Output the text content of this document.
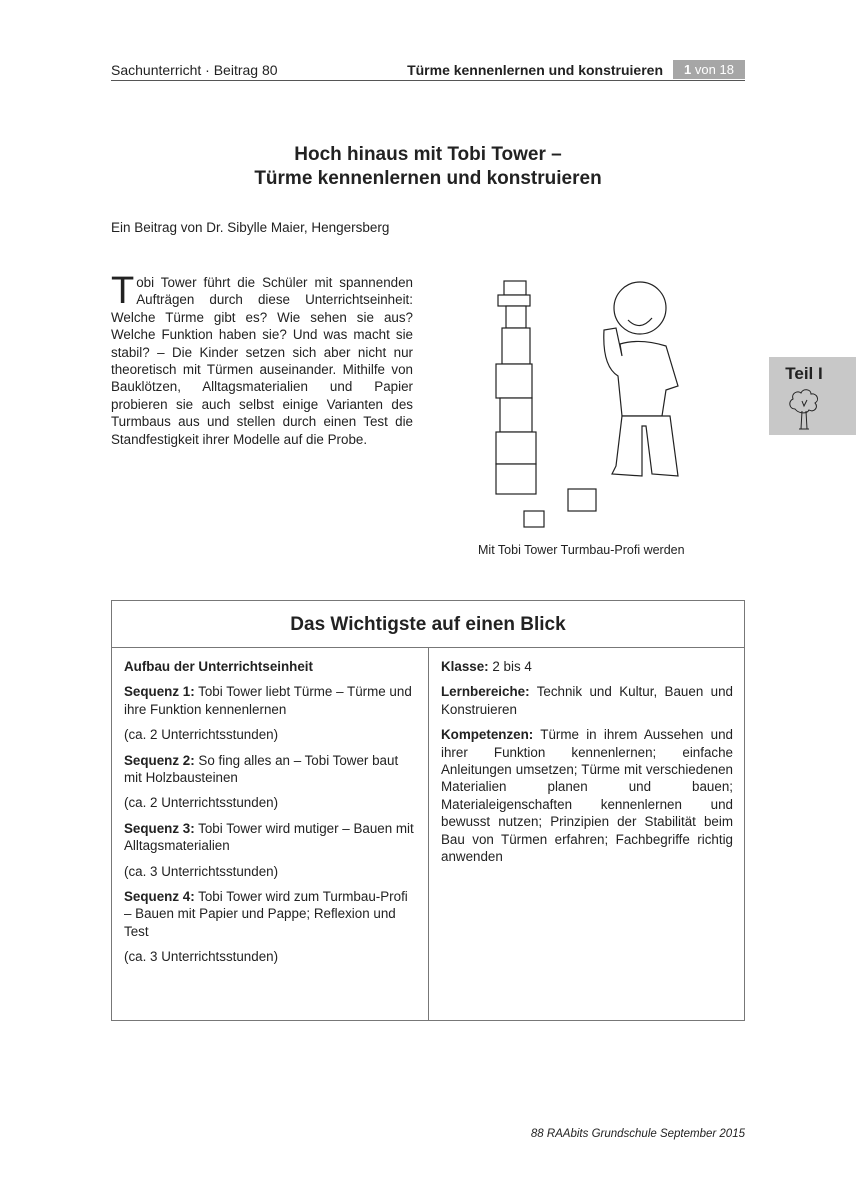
Sachunterricht · Beitrag 80	Türme kennenlernen und konstruieren	1 von 18
Hoch hinaus mit Tobi Tower –
Türme kennenlernen und konstruieren
Ein Beitrag von Dr. Sibylle Maier, Hengersberg
Tobi Tower führt die Schüler mit spannenden Aufträgen durch diese Unterrichtseinheit: Welche Türme gibt es? Wie sehen sie aus? Welche Funktion haben sie? Und was macht sie stabil? – Die Kinder setzen sich aber nicht nur theoretisch mit Türmen auseinander. Mithilfe von Bauklötzen, Alltagsmaterialien und Papier probieren sie auch selbst einige Varianten des Turmbaus aus und stellen durch einen Test die Standfestigkeit ihrer Modelle auf die Probe.
Teil I
Mit Tobi Tower Turmbau-Profi werden
Das Wichtigste auf einen Blick

Aufbau der Unterrichtseinheit

Sequenz 1: Tobi Tower liebt Türme – Türme und ihre Funktion kennenlernen

(ca. 2 Unterrichtsstunden)

Sequenz 2: So fing alles an – Tobi Tower baut mit Holzbausteinen

(ca. 2 Unterrichtsstunden)

Sequenz 3: Tobi Tower wird mutiger – Bauen mit Alltagsmaterialien

(ca. 3 Unterrichtsstunden)

Sequenz 4: Tobi Tower wird zum Turmbau-Profi – Bauen mit Papier und Pappe; Reflexion und Test

(ca. 3 Unterrichtsstunden)

Klasse: 2 bis 4

Lernbereiche: Technik und Kultur, Bauen und Konstruieren

Kompetenzen: Türme in ihrem Aussehen und ihrer Funktion kennenlernen; einfache Anleitungen umsetzen; Türme mit verschiedenen Materialien planen und bauen; Materialeigenschaften kennenlernen und bewusst nutzen; Prinzipien der Stabilität beim Bau von Türmen erfahren; Fachbegriffe richtig anwenden

88 RAAbits Grundschule September 2015
